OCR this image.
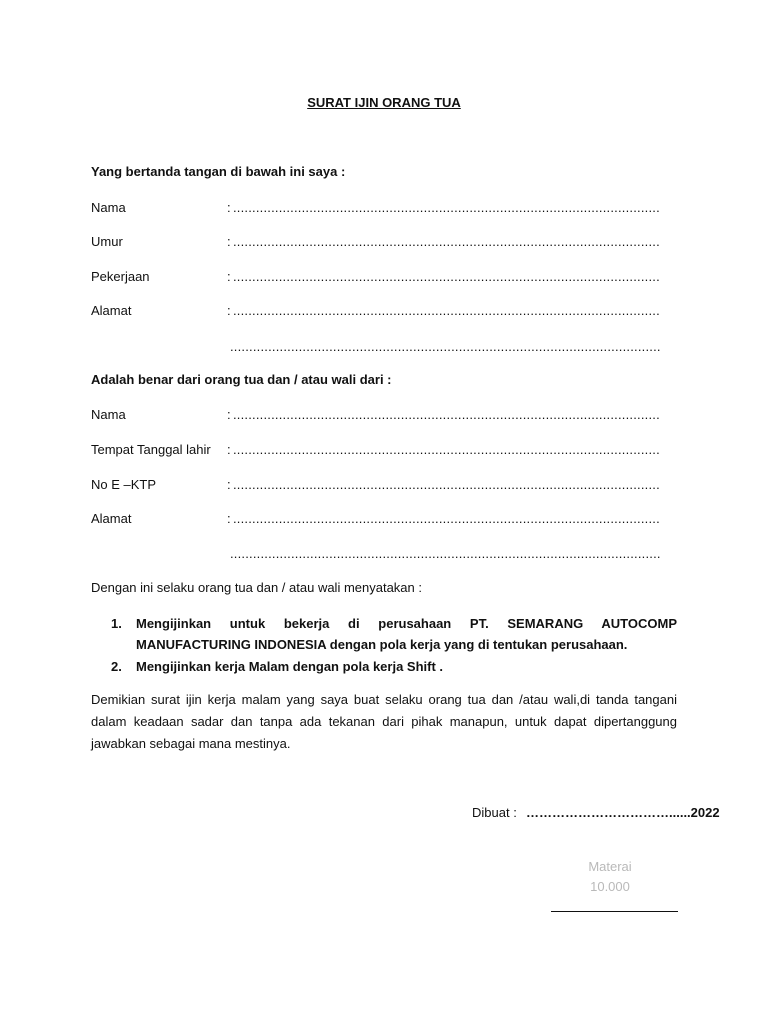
SURAT IJIN ORANG TUA
Yang bertanda tangan di bawah ini saya :
Nama	: ................................................................................................................
Umur	: ................................................................................................................
Pekerjaan	: ................................................................................................................
Alamat	: ................................................................................................................
.................................................................................................................
Adalah benar dari orang tua dan / atau wali dari :
Nama	: ................................................................................................................
Tempat Tanggal lahir : ................................................................................................................
No E –KTP	: ................................................................................................................
Alamat	: ................................................................................................................
.................................................................................................................
Dengan ini selaku orang tua dan / atau wali menyatakan :
1.	Mengijinkan untuk bekerja di perusahaan PT. SEMARANG AUTOCOMP MANUFACTURING INDONESIA dengan pola kerja yang di tentukan perusahaan.
2.	Mengijinkan kerja Malam dengan pola kerja Shift .
Demikian surat ijin kerja malam yang saya buat selaku orang tua dan /atau wali,di tanda tangani dalam keadaan sadar dan tanpa ada tekanan dari pihak manapun, untuk dapat dipertanggung jawabkan sebagai mana mestinya.
Dibuat : ……………………………......2022
Materai
10.000
